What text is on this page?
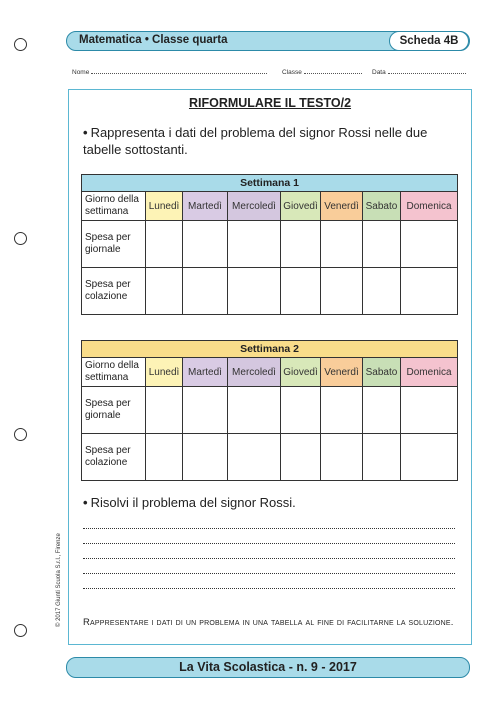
Matematica • Classe quarta	Scheda 4B
Nome	Classe	Data
RIFORMULARE IL TESTO/2
• Rappresenta i dati del problema del signor Rossi nelle due tabelle sottostanti.
Settimana 1							
Giorno della settimana	Lunedì	Martedì	Mercoledì	Giovedì	Venerdì	Sabato	Domenica
Spesa per giornale							
Spesa per colazione							
Settimana 2							
Giorno della settimana	Lunedì	Martedì	Mercoledì	Giovedì	Venerdì	Sabato	Domenica
Spesa per giornale							
Spesa per colazione							
• Risolvi il problema del signor Rossi.
Rappresentare i dati di un problema in una tabella al fine di facilitarne la soluzione.
© 2017 Giunti Scuola S.r.l., Firenze
La Vita Scolastica - n. 9 - 2017
